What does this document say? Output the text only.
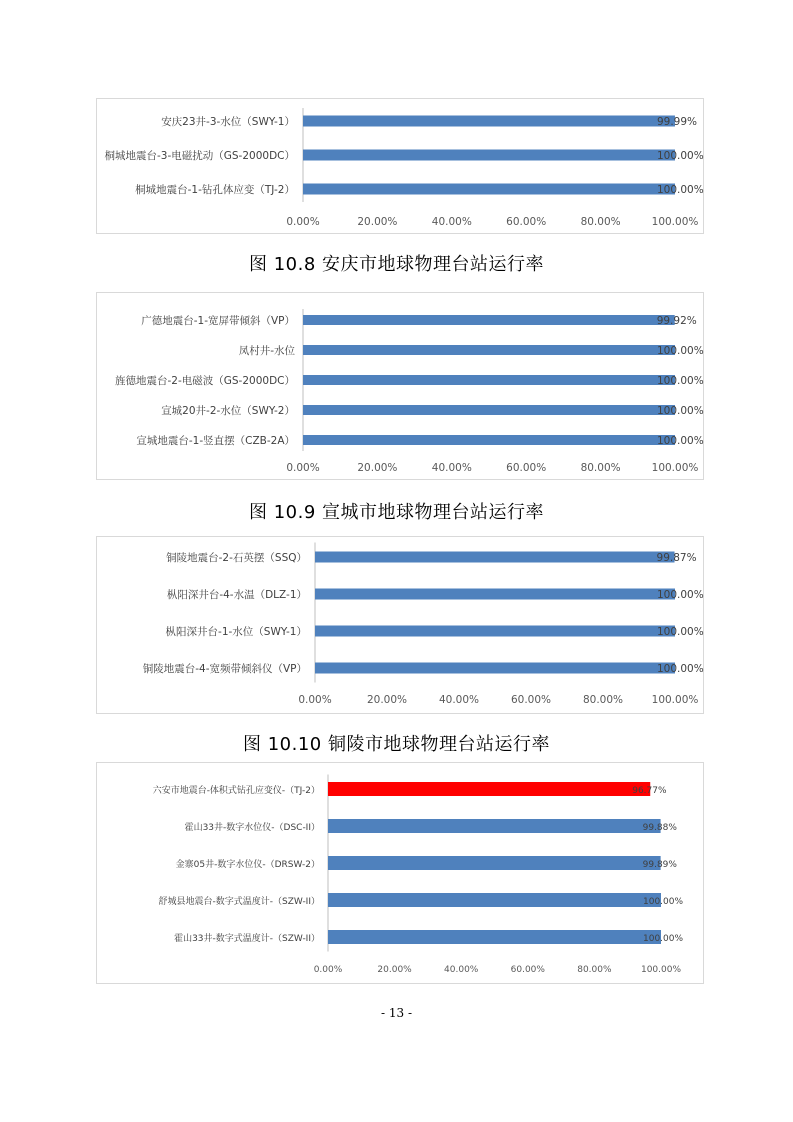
0.00%	20.00%	40.00%	60.00%	80.00%	100.00%
安庆23井-3-水位（SWY-1）	99.99%
桐城地震台-3-电磁扰动（GS-2000DC）	100.00%
桐城地震台-1-钻孔体应变（TJ-2）	100.00%
图 10.8 安庆市地球物理台站运行率
0.00%	20.00%	40.00%	60.00%	80.00%	100.00%
广德地震台-1-宽屏带倾斜（VP）	99.92%
凤村井-水位	100.00%
旌德地震台-2-电磁波（GS-2000DC）	100.00%
宣城20井-2-水位（SWY-2）	100.00%
宣城地震台-1-竖直摆（CZB-2A）	100.00%
图 10.9 宣城市地球物理台站运行率
0.00%	20.00%	40.00%	60.00%	80.00%	100.00%
铜陵地震台-2-石英摆（SSQ）	99.87%
枞阳深井台-4-水温（DLZ-1）	100.00%
枞阳深井台-1-水位（SWY-1）	100.00%
铜陵地震台-4-宽频带倾斜仪（VP）	100.00%
图 10.10 铜陵市地球物理台站运行率
0.00%	20.00%	40.00%	60.00%	80.00%	100.00%
六安市地震台-体积式钻孔应变仪-（TJ-2）	96.77%
霍山33井-数字水位仪-（DSC-II）	99.88%
金寨05井-数字水位仪-（DRSW-2）	99.89%
舒城县地震台-数字式温度计-（SZW-II）	100.00%
霍山33井-数字式温度计-（SZW-II）	100.00%
- 13 -
